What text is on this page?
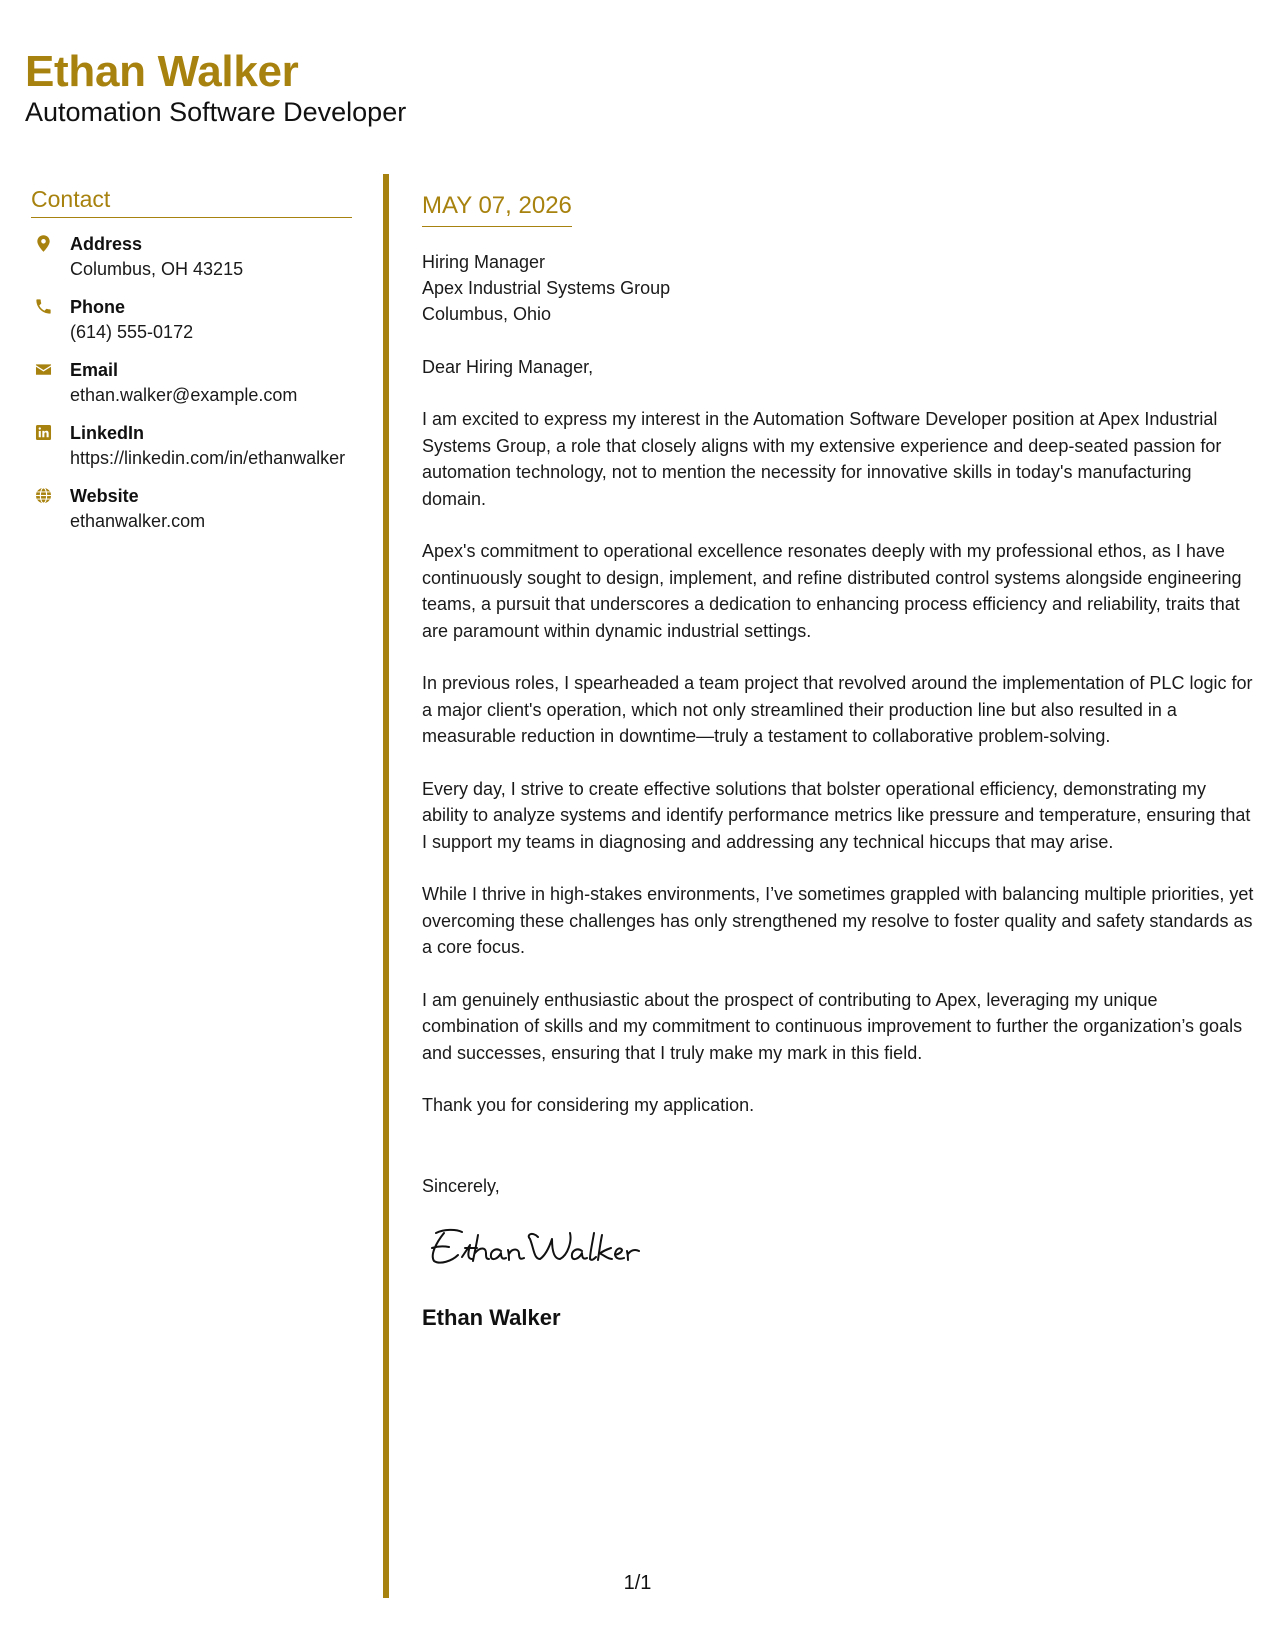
Ethan Walker
Automation Software Developer
Contact
Address
Columbus, OH 43215
Phone
(614) 555-0172
Email
ethan.walker@example.com
LinkedIn
https://linkedin.com/in/ethanwalker
Website
ethanwalker.com
MAY 07, 2026
Hiring Manager
Apex Industrial Systems Group
Columbus, Ohio

Dear Hiring Manager,

I am excited to express my interest in the Automation Software Developer position at Apex Industrial Systems Group, a role that closely aligns with my extensive experience and deep-seated passion for automation technology, not to mention the necessity for innovative skills in today's manufacturing domain.

Apex's commitment to operational excellence resonates deeply with my professional ethos, as I have continuously sought to design, implement, and refine distributed control systems alongside engineering teams, a pursuit that underscores a dedication to enhancing process efficiency and reliability, traits that are paramount within dynamic industrial settings.

In previous roles, I spearheaded a team project that revolved around the implementation of PLC logic for a major client's operation, which not only streamlined their production line but also resulted in a measurable reduction in downtime—truly a testament to collaborative problem-solving.

Every day, I strive to create effective solutions that bolster operational efficiency, demonstrating my ability to analyze systems and identify performance metrics like pressure and temperature, ensuring that I support my teams in diagnosing and addressing any technical hiccups that may arise.

While I thrive in high-stakes environments, I’ve sometimes grappled with balancing multiple priorities, yet overcoming these challenges has only strengthened my resolve to foster quality and safety standards as a core focus.

I am genuinely enthusiastic about the prospect of contributing to Apex, leveraging my unique combination of skills and my commitment to continuous improvement to further the organization’s goals and successes, ensuring that I truly make my mark in this field.

Thank you for considering my application.

Sincerely,

Ethan Walker
1/1
